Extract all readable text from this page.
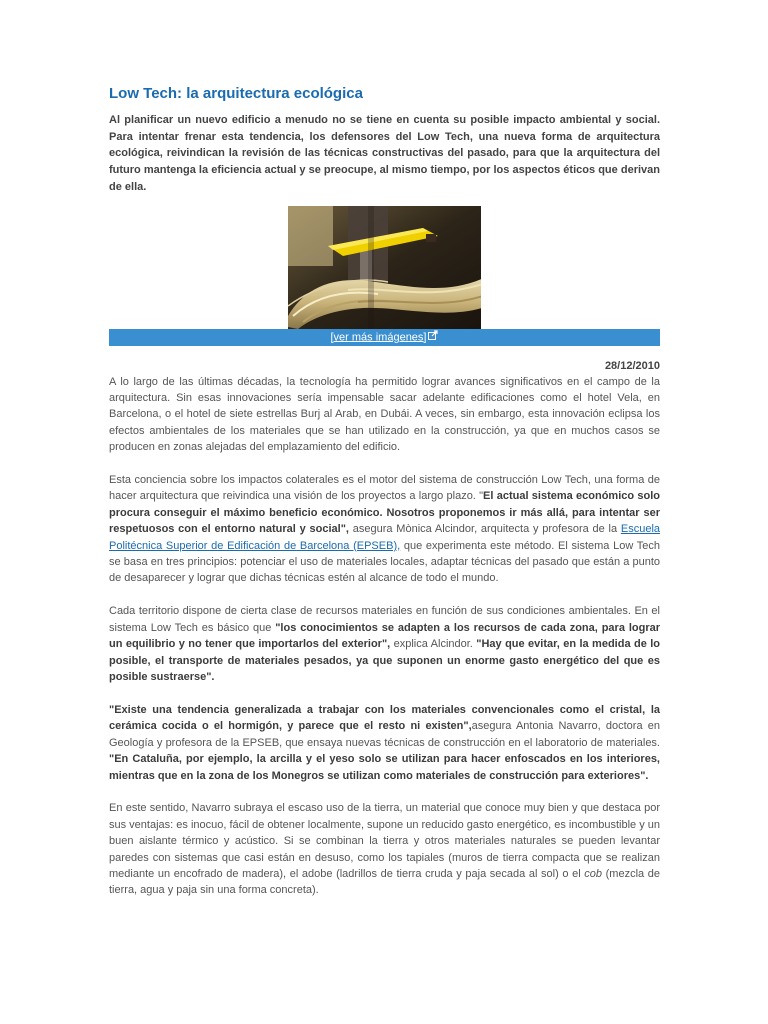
Low Tech: la arquitectura ecológica

Al planificar un nuevo edificio a menudo no se tiene en cuenta su posible impacto ambiental y social. Para intentar frenar esta tendencia, los defensores del Low Tech, una nueva forma de arquitectura ecológica, reivindican la revisión de las técnicas constructivas del pasado, para que la arquitectura del futuro mantenga la eficiencia actual y se preocupe, al mismo tiempo, por los aspectos éticos que derivan de ella.

[ver más imágenes]
28/12/2010

A lo largo de las últimas décadas, la tecnología ha permitido lograr avances significativos en el campo de la arquitectura. Sin esas innovaciones sería impensable sacar adelante edificaciones como el hotel Vela, en Barcelona, o el hotel de siete estrellas Burj al Arab, en Dubái. A veces, sin embargo, esta innovación eclipsa los efectos ambientales de los materiales que se han utilizado en la construcción, ya que en muchos casos se producen en zonas alejadas del emplazamiento del edificio.

Esta conciencia sobre los impactos colaterales es el motor del sistema de construcción Low Tech, una forma de hacer arquitectura que reivindica una visión de los proyectos a largo plazo. "El actual sistema económico solo procura conseguir el máximo beneficio económico. Nosotros proponemos ir más allá, para intentar ser respetuosos con el entorno natural y social", asegura Mònica Alcindor, arquitecta y profesora de la Escuela Politécnica Superior de Edificación de Barcelona (EPSEB), que experimenta este método. El sistema Low Tech se basa en tres principios: potenciar el uso de materiales locales, adaptar técnicas del pasado que están a punto de desaparecer y lograr que dichas técnicas estén al alcance de todo el mundo.

Cada territorio dispone de cierta clase de recursos materiales en función de sus condiciones ambientales. En el sistema Low Tech es básico que "los conocimientos se adapten a los recursos de cada zona, para lograr un equilibrio y no tener que importarlos del exterior", explica Alcindor. "Hay que evitar, en la medida de lo posible, el transporte de materiales pesados, ya que suponen un enorme gasto energético del que es posible sustraerse".

"Existe una tendencia generalizada a trabajar con los materiales convencionales como el cristal, la cerámica cocida o el hormigón, y parece que el resto ni existen",asegura Antonia Navarro, doctora en Geología y profesora de la EPSEB, que ensaya nuevas técnicas de construcción en el laboratorio de materiales. "En Cataluña, por ejemplo, la arcilla y el yeso solo se utilizan para hacer enfoscados en los interiores, mientras que en la zona de los Monegros se utilizan como materiales de construcción para exteriores".

En este sentido, Navarro subraya el escaso uso de la tierra, un material que conoce muy bien y que destaca por sus ventajas: es inocuo, fácil de obtener localmente, supone un reducido gasto energético, es incombustible y un buen aislante térmico y acústico. Si se combinan la tierra y otros materiales naturales se pueden levantar paredes con sistemas que casi están en desuso, como los tapiales (muros de tierra compacta que se realizan mediante un encofrado de madera), el adobe (ladrillos de tierra cruda y paja secada al sol) o el cob (mezcla de tierra, agua y paja sin una forma concreta).
